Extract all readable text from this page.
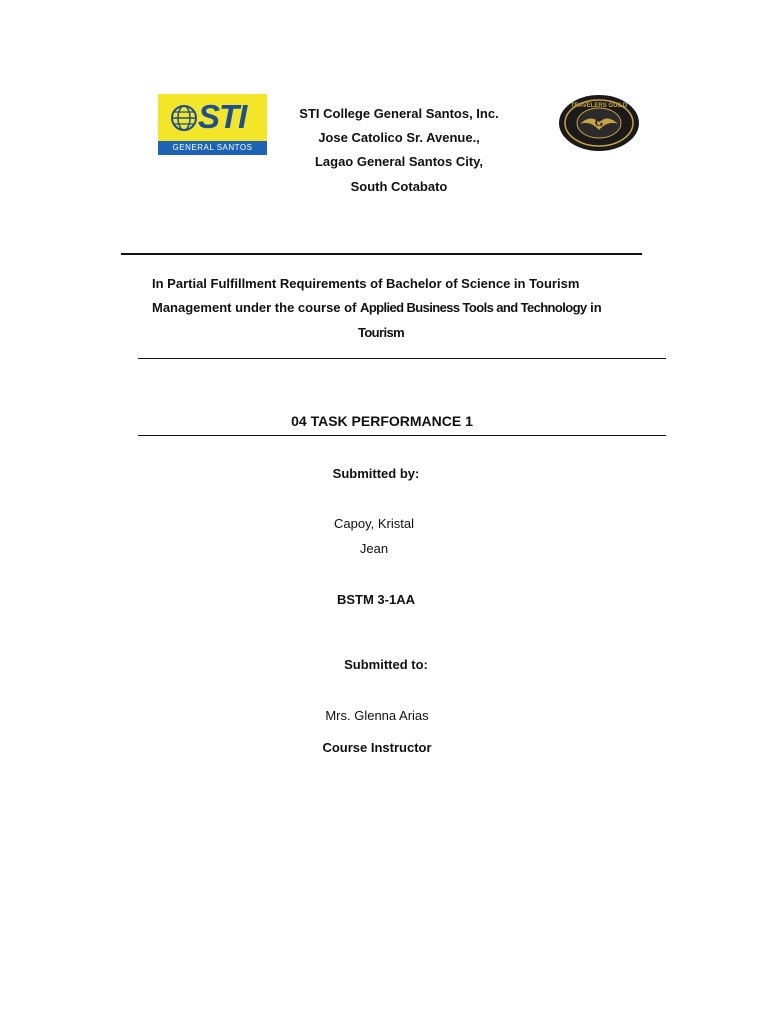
STI
GENERAL SANTOS
G
TRAVELERS GUILD
STI College General Santos, Inc.
Jose Catolico Sr. Avenue.,
Lagao General Santos City,
South Cotabato
In Partial Fulfillment Requirements of Bachelor of Science in Tourism
Management under the course of Applied Business Tools and Technology in
Tourism
04 TASK PERFORMANCE 1
Submitted by:
Capoy, Kristal
Jean
BSTM 3-1AA
Submitted to:
Mrs. Glenna Arias
Course Instructor
